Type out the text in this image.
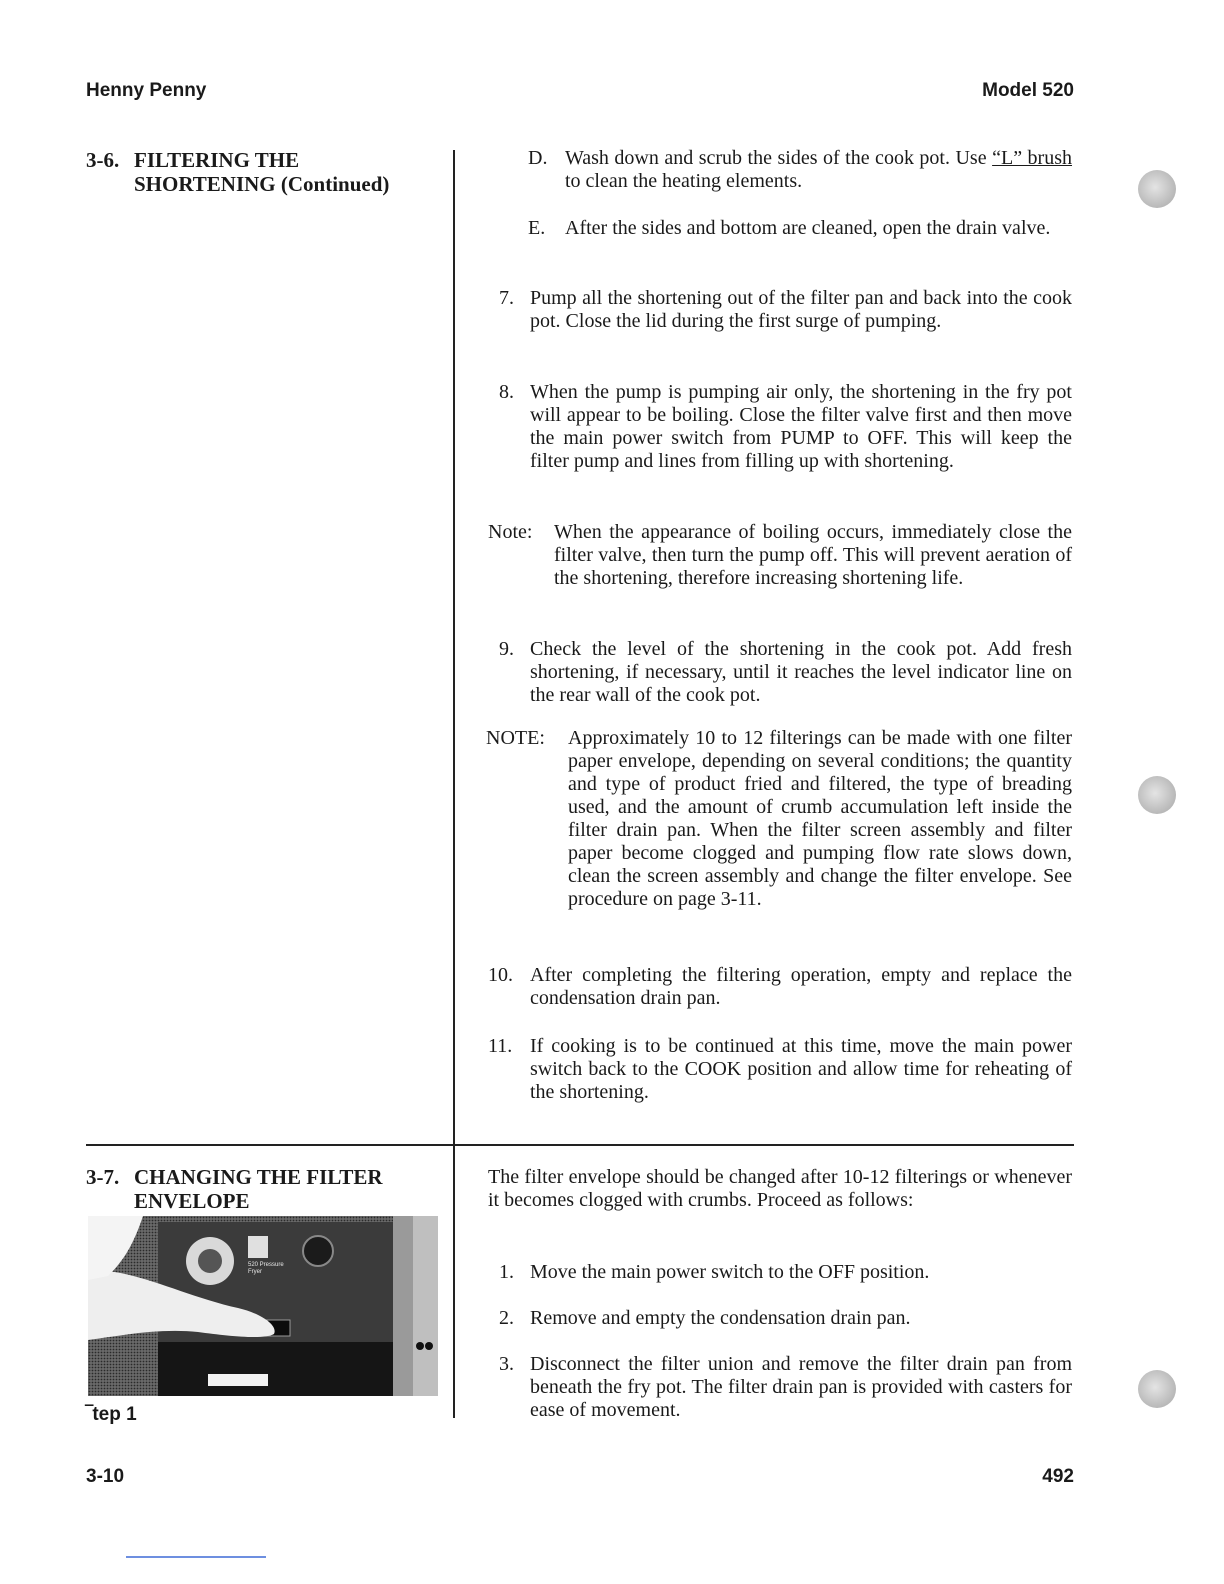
Henny Penny	Model 520
3-6. FILTERING THE
SHORTENING (Continued)
D. Wash down and scrub the sides of the cook pot. Use “L” brush to clean the heating elements.
E. After the sides and bottom are cleaned, open the drain valve.
7. Pump all the shortening out of the filter pan and back into the cook pot. Close the lid during the first surge of pumping.
8. When the pump is pumping air only, the shortening in the fry pot will appear to be boiling. Close the filter valve first and then move the main power switch from PUMP to OFF. This will keep the filter pump and lines from filling up with shortening.
Note:	When the appearance of boiling occurs, immediately close the filter valve, then turn the pump off. This will prevent aeration of the shortening, therefore increasing shortening life.
9. Check the level of the shortening in the cook pot. Add fresh shortening, if necessary, until it reaches the level indicator line on the rear wall of the cook pot.
NOTE:	Approximately 10 to 12 filterings can be made with one filter paper envelope, depending on several conditions; the quantity and type of product fried and filtered, the type of breading used, and the amount of crumb accumulation left inside the filter drain pan. When the filter screen assembly and filter paper become clogged and pumping flow rate slows down, clean the screen assembly and change the filter envelope. See procedure on page 3-11.
10. After completing the filtering operation, empty and replace the condensation drain pan.
11. If cooking is to be continued at this time, move the main power switch back to the COOK position and allow time for reheating of the shortening.
3-7. CHANGING THE FILTER
ENVELOPE
520 Pressure Fryer
‾tep 1
The filter envelope should be changed after 10-12 filterings or whenever it becomes clogged with crumbs. Proceed as follows:
1. Move the main power switch to the OFF position.
2. Remove and empty the condensation drain pan.
3. Disconnect the filter union and remove the filter drain pan from beneath the fry pot. The filter drain pan is provided with casters for ease of movement.
3-10	492
